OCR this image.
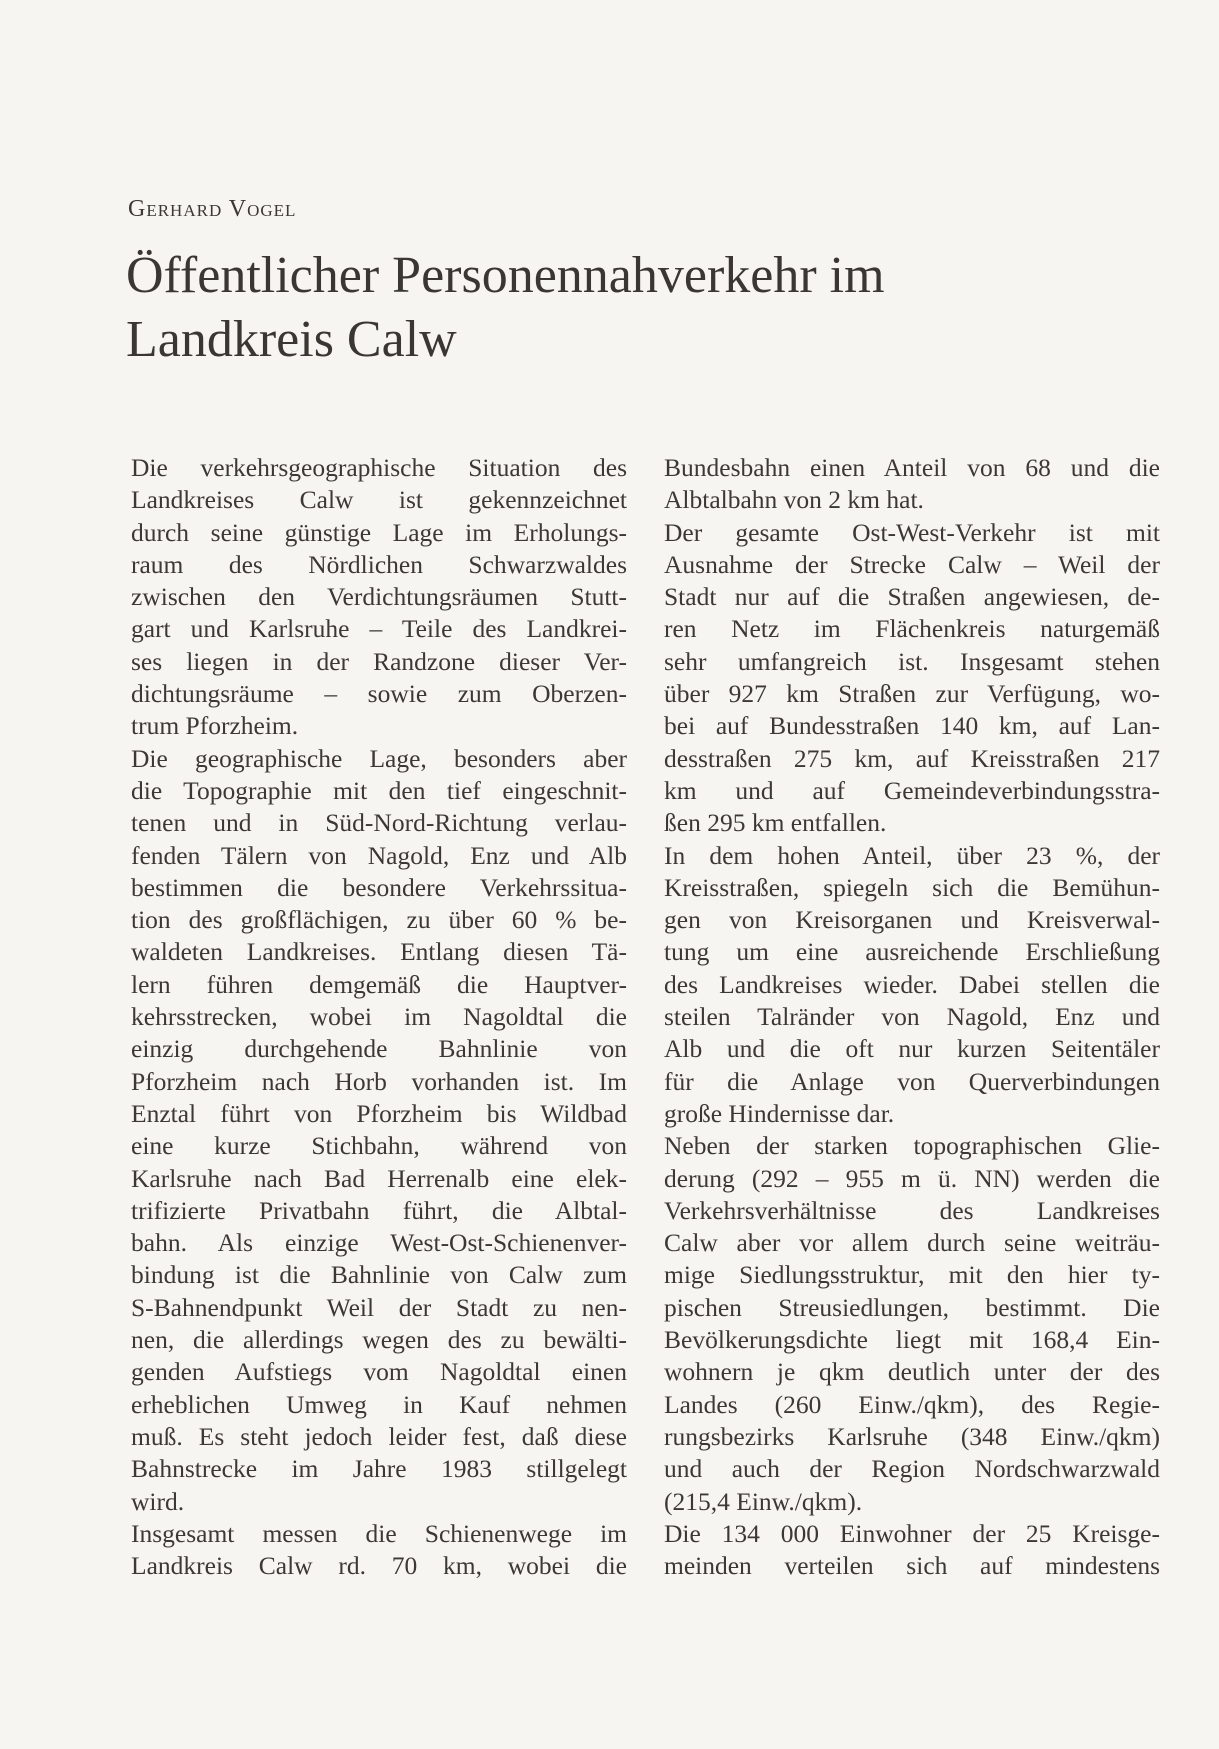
Gerhard Vogel
Öffentlicher Personennahverkehr im
Landkreis Calw
Die verkehrsgeographische Situation des
Landkreises Calw ist gekennzeichnet
durch seine günstige Lage im Erholungs-
raum des Nördlichen Schwarzwaldes
zwischen den Verdichtungsräumen Stutt-
gart und Karlsruhe – Teile des Landkrei-
ses liegen in der Randzone dieser Ver-
dichtungsräume – sowie zum Oberzen-
trum Pforzheim.
Die geographische Lage, besonders aber
die Topographie mit den tief eingeschnit-
tenen und in Süd-Nord-Richtung verlau-
fenden Tälern von Nagold, Enz und Alb
bestimmen die besondere Verkehrssitua-
tion des großflächigen, zu über 60 % be-
waldeten Landkreises. Entlang diesen Tä-
lern führen demgemäß die Hauptver-
kehrsstrecken, wobei im Nagoldtal die
einzig durchgehende Bahnlinie von
Pforzheim nach Horb vorhanden ist. Im
Enztal führt von Pforzheim bis Wildbad
eine kurze Stichbahn, während von
Karlsruhe nach Bad Herrenalb eine elek-
trifizierte Privatbahn führt, die Albtal-
bahn. Als einzige West-Ost-Schienenver-
bindung ist die Bahnlinie von Calw zum
S-Bahnendpunkt Weil der Stadt zu nen-
nen, die allerdings wegen des zu bewälti-
genden Aufstiegs vom Nagoldtal einen
erheblichen Umweg in Kauf nehmen
muß. Es steht jedoch leider fest, daß diese
Bahnstrecke im Jahre 1983 stillgelegt
wird.
Insgesamt messen die Schienenwege im
Landkreis Calw rd. 70 km, wobei die
Bundesbahn einen Anteil von 68 und die
Albtalbahn von 2 km hat.
Der gesamte Ost-West-Verkehr ist mit
Ausnahme der Strecke Calw – Weil der
Stadt nur auf die Straßen angewiesen, de-
ren Netz im Flächenkreis naturgemäß
sehr umfangreich ist. Insgesamt stehen
über 927 km Straßen zur Verfügung, wo-
bei auf Bundesstraßen 140 km, auf Lan-
desstraßen 275 km, auf Kreisstraßen 217
km und auf Gemeindeverbindungsstra-
ßen 295 km entfallen.
In dem hohen Anteil, über 23 %, der
Kreisstraßen, spiegeln sich die Bemühun-
gen von Kreisorganen und Kreisverwal-
tung um eine ausreichende Erschließung
des Landkreises wieder. Dabei stellen die
steilen Talränder von Nagold, Enz und
Alb und die oft nur kurzen Seitentäler
für die Anlage von Querverbindungen
große Hindernisse dar.
Neben der starken topographischen Glie-
derung (292 – 955 m ü. NN) werden die
Verkehrsverhältnisse des Landkreises
Calw aber vor allem durch seine weiträu-
mige Siedlungsstruktur, mit den hier ty-
pischen Streusiedlungen, bestimmt. Die
Bevölkerungsdichte liegt mit 168,4 Ein-
wohnern je qkm deutlich unter der des
Landes (260 Einw./qkm), des Regie-
rungsbezirks Karlsruhe (348 Einw./qkm)
und auch der Region Nordschwarzwald
(215,4 Einw./qkm).
Die 134 000 Einwohner der 25 Kreisge-
meinden verteilen sich auf mindestens
